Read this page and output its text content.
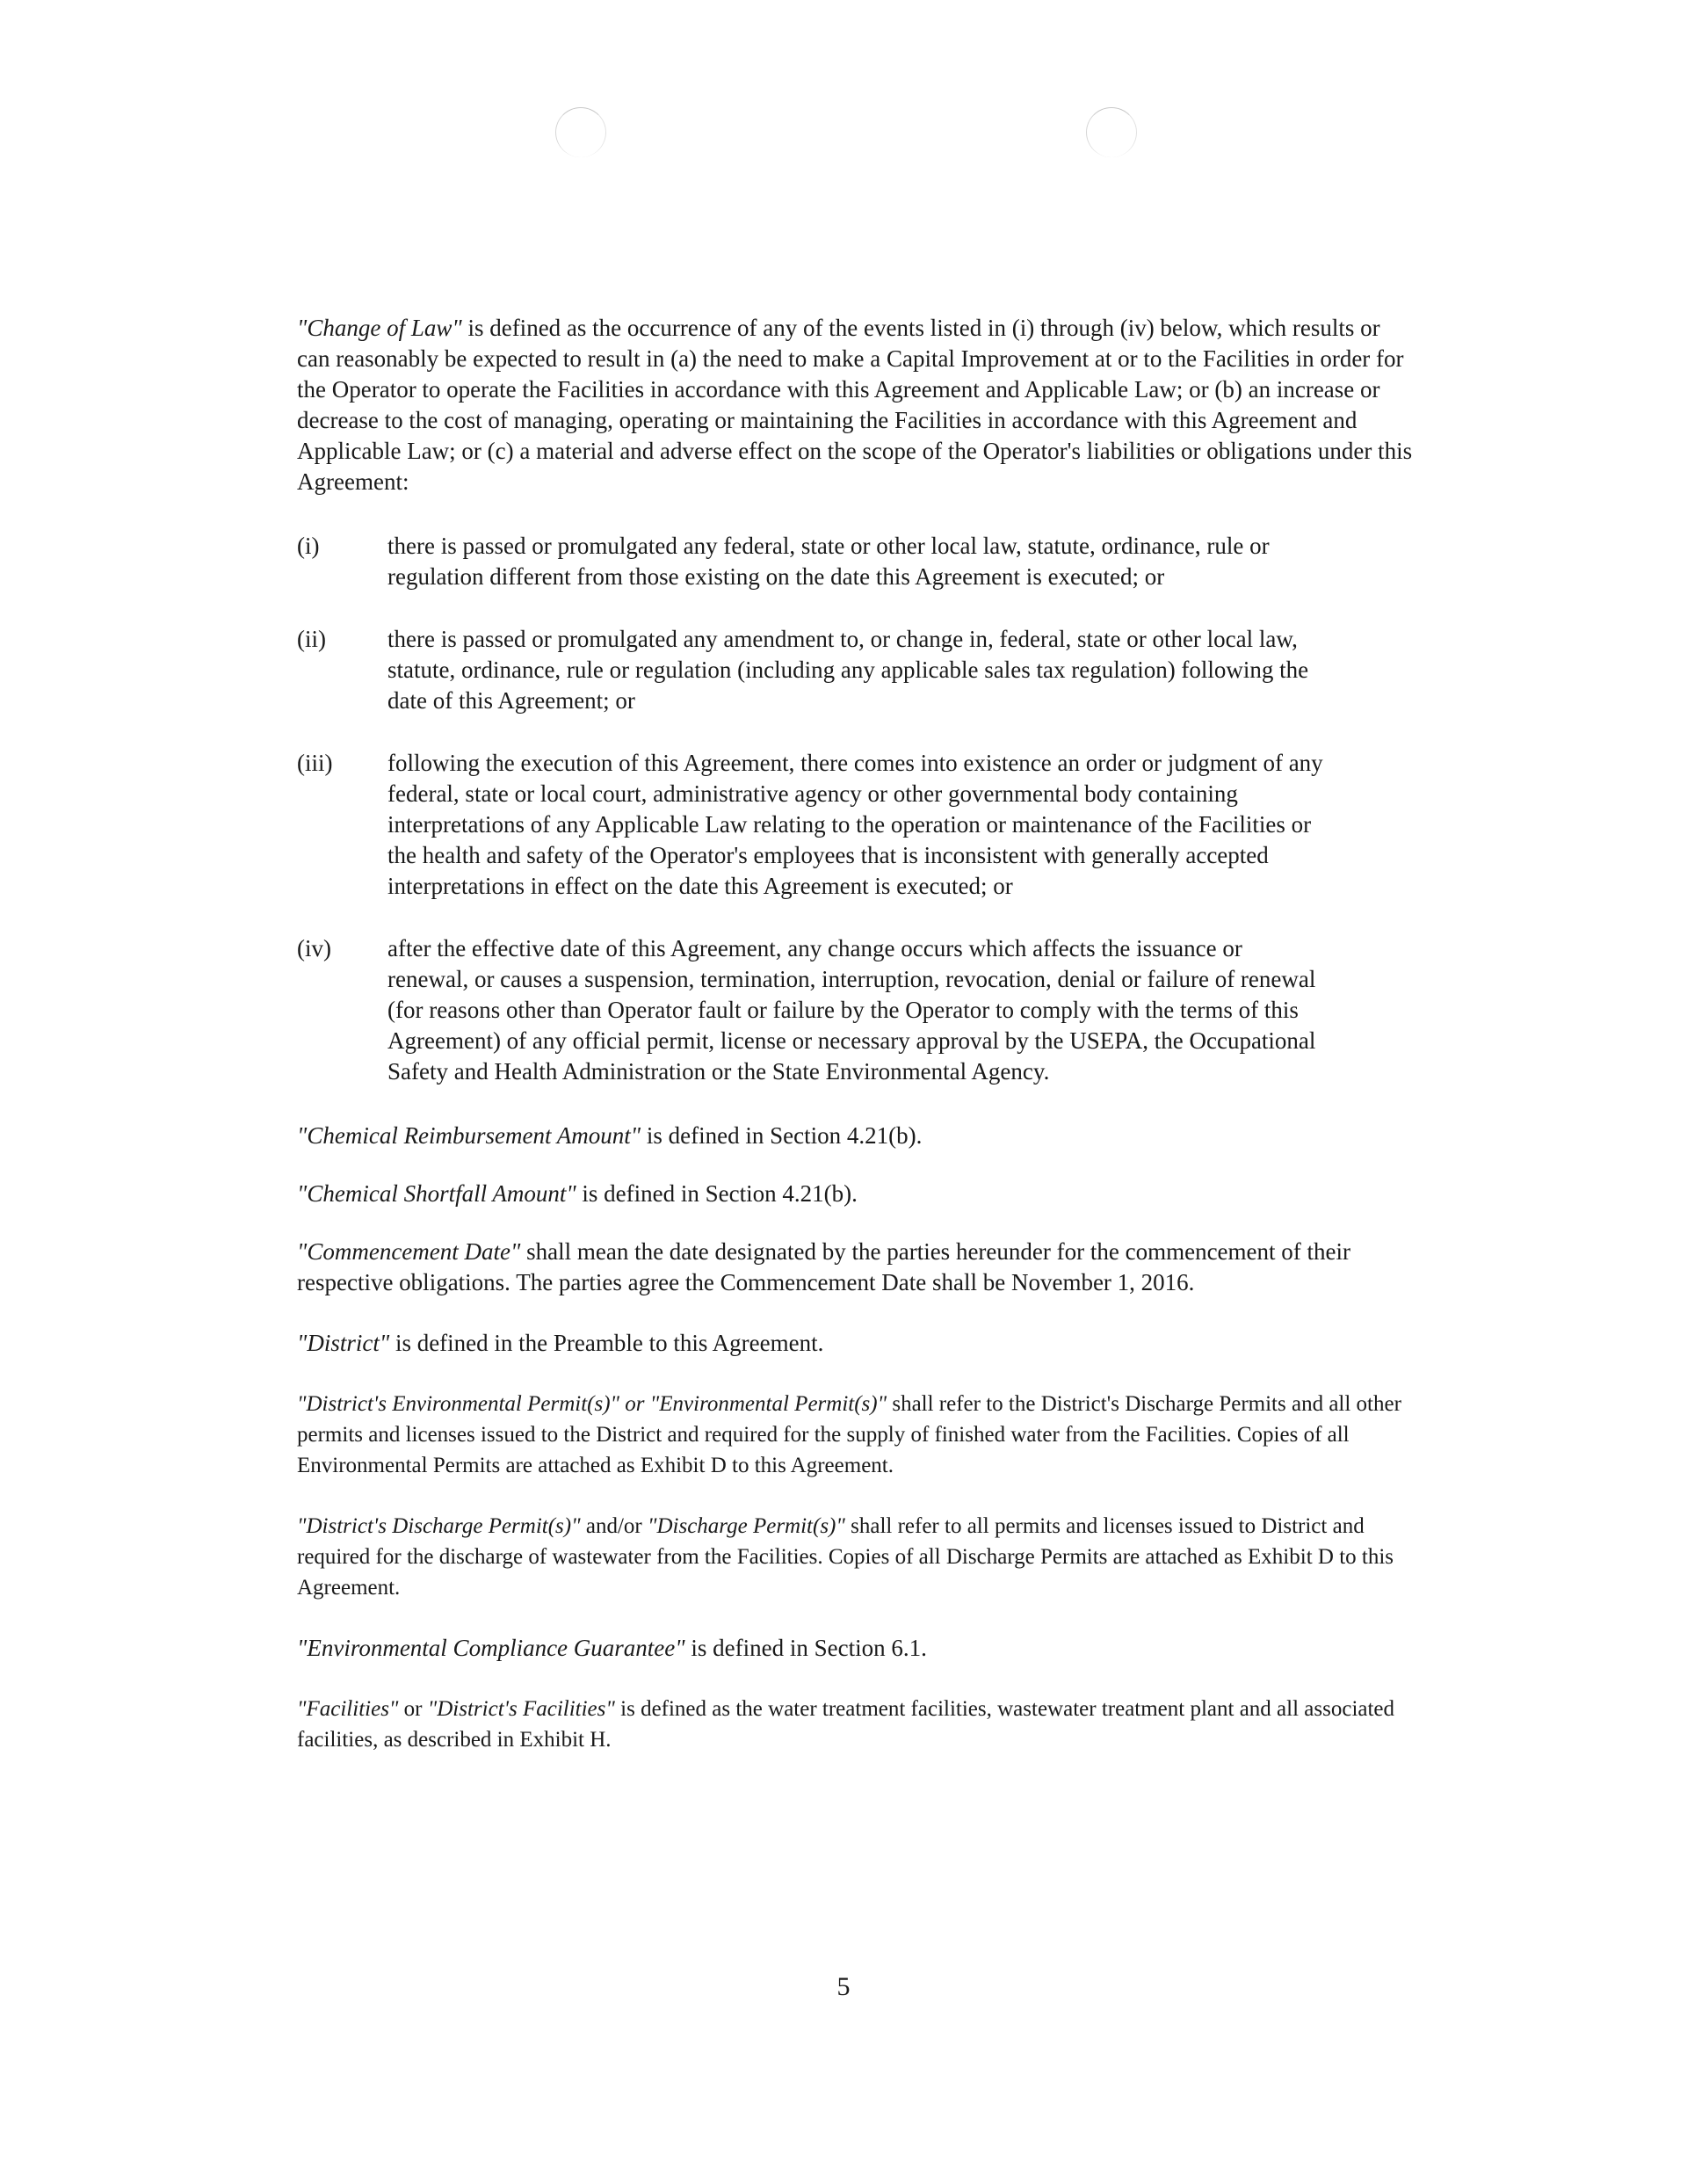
"Change of Law" is defined as the occurrence of any of the events listed in (i) through (iv) below, which results or can reasonably be expected to result in (a) the need to make a Capital Improvement at or to the Facilities in order for the Operator to operate the Facilities in accordance with this Agreement and Applicable Law; or (b) an increase or decrease to the cost of managing, operating or maintaining the Facilities in accordance with this Agreement and Applicable Law; or (c) a material and adverse effect on the scope of the Operator's liabilities or obligations under this Agreement:

(i)	there is passed or promulgated any federal, state or other local law, statute, ordinance, rule or regulation different from those existing on the date this Agreement is executed; or
(ii)	there is passed or promulgated any amendment to, or change in, federal, state or other local law, statute, ordinance, rule or regulation (including any applicable sales tax regulation) following the date of this Agreement; or
(iii)	following the execution of this Agreement, there comes into existence an order or judgment of any federal, state or local court, administrative agency or other governmental body containing interpretations of any Applicable Law relating to the operation or maintenance of the Facilities or the health and safety of the Operator's employees that is inconsistent with generally accepted interpretations in effect on the date this Agreement is executed; or
(iv)	after the effective date of this Agreement, any change occurs which affects the issuance or renewal, or causes a suspension, termination, interruption, revocation, denial or failure of renewal (for reasons other than Operator fault or failure by the Operator to comply with the terms of this Agreement) of any official permit, license or necessary approval by the USEPA, the Occupational Safety and Health Administration or the State Environmental Agency.

"Chemical Reimbursement Amount" is defined in Section 4.21(b).

"Chemical Shortfall Amount" is defined in Section 4.21(b).

"Commencement Date" shall mean the date designated by the parties hereunder for the commencement of their respective obligations. The parties agree the Commencement Date shall be November 1, 2016.

"District" is defined in the Preamble to this Agreement.

"District's Environmental Permit(s)" or "Environmental Permit(s)" shall refer to the District's Discharge Permits and all other permits and licenses issued to the District and required for the supply of finished water from the Facilities. Copies of all Environmental Permits are attached as Exhibit D to this Agreement.

"District's Discharge Permit(s)" and/or "Discharge Permit(s)" shall refer to all permits and licenses issued to District and required for the discharge of wastewater from the Facilities. Copies of all Discharge Permits are attached as Exhibit D to this Agreement.

"Environmental Compliance Guarantee" is defined in Section 6.1.

"Facilities" or "District's Facilities" is defined as the water treatment facilities, wastewater treatment plant and all associated facilities, as described in Exhibit H.

5
